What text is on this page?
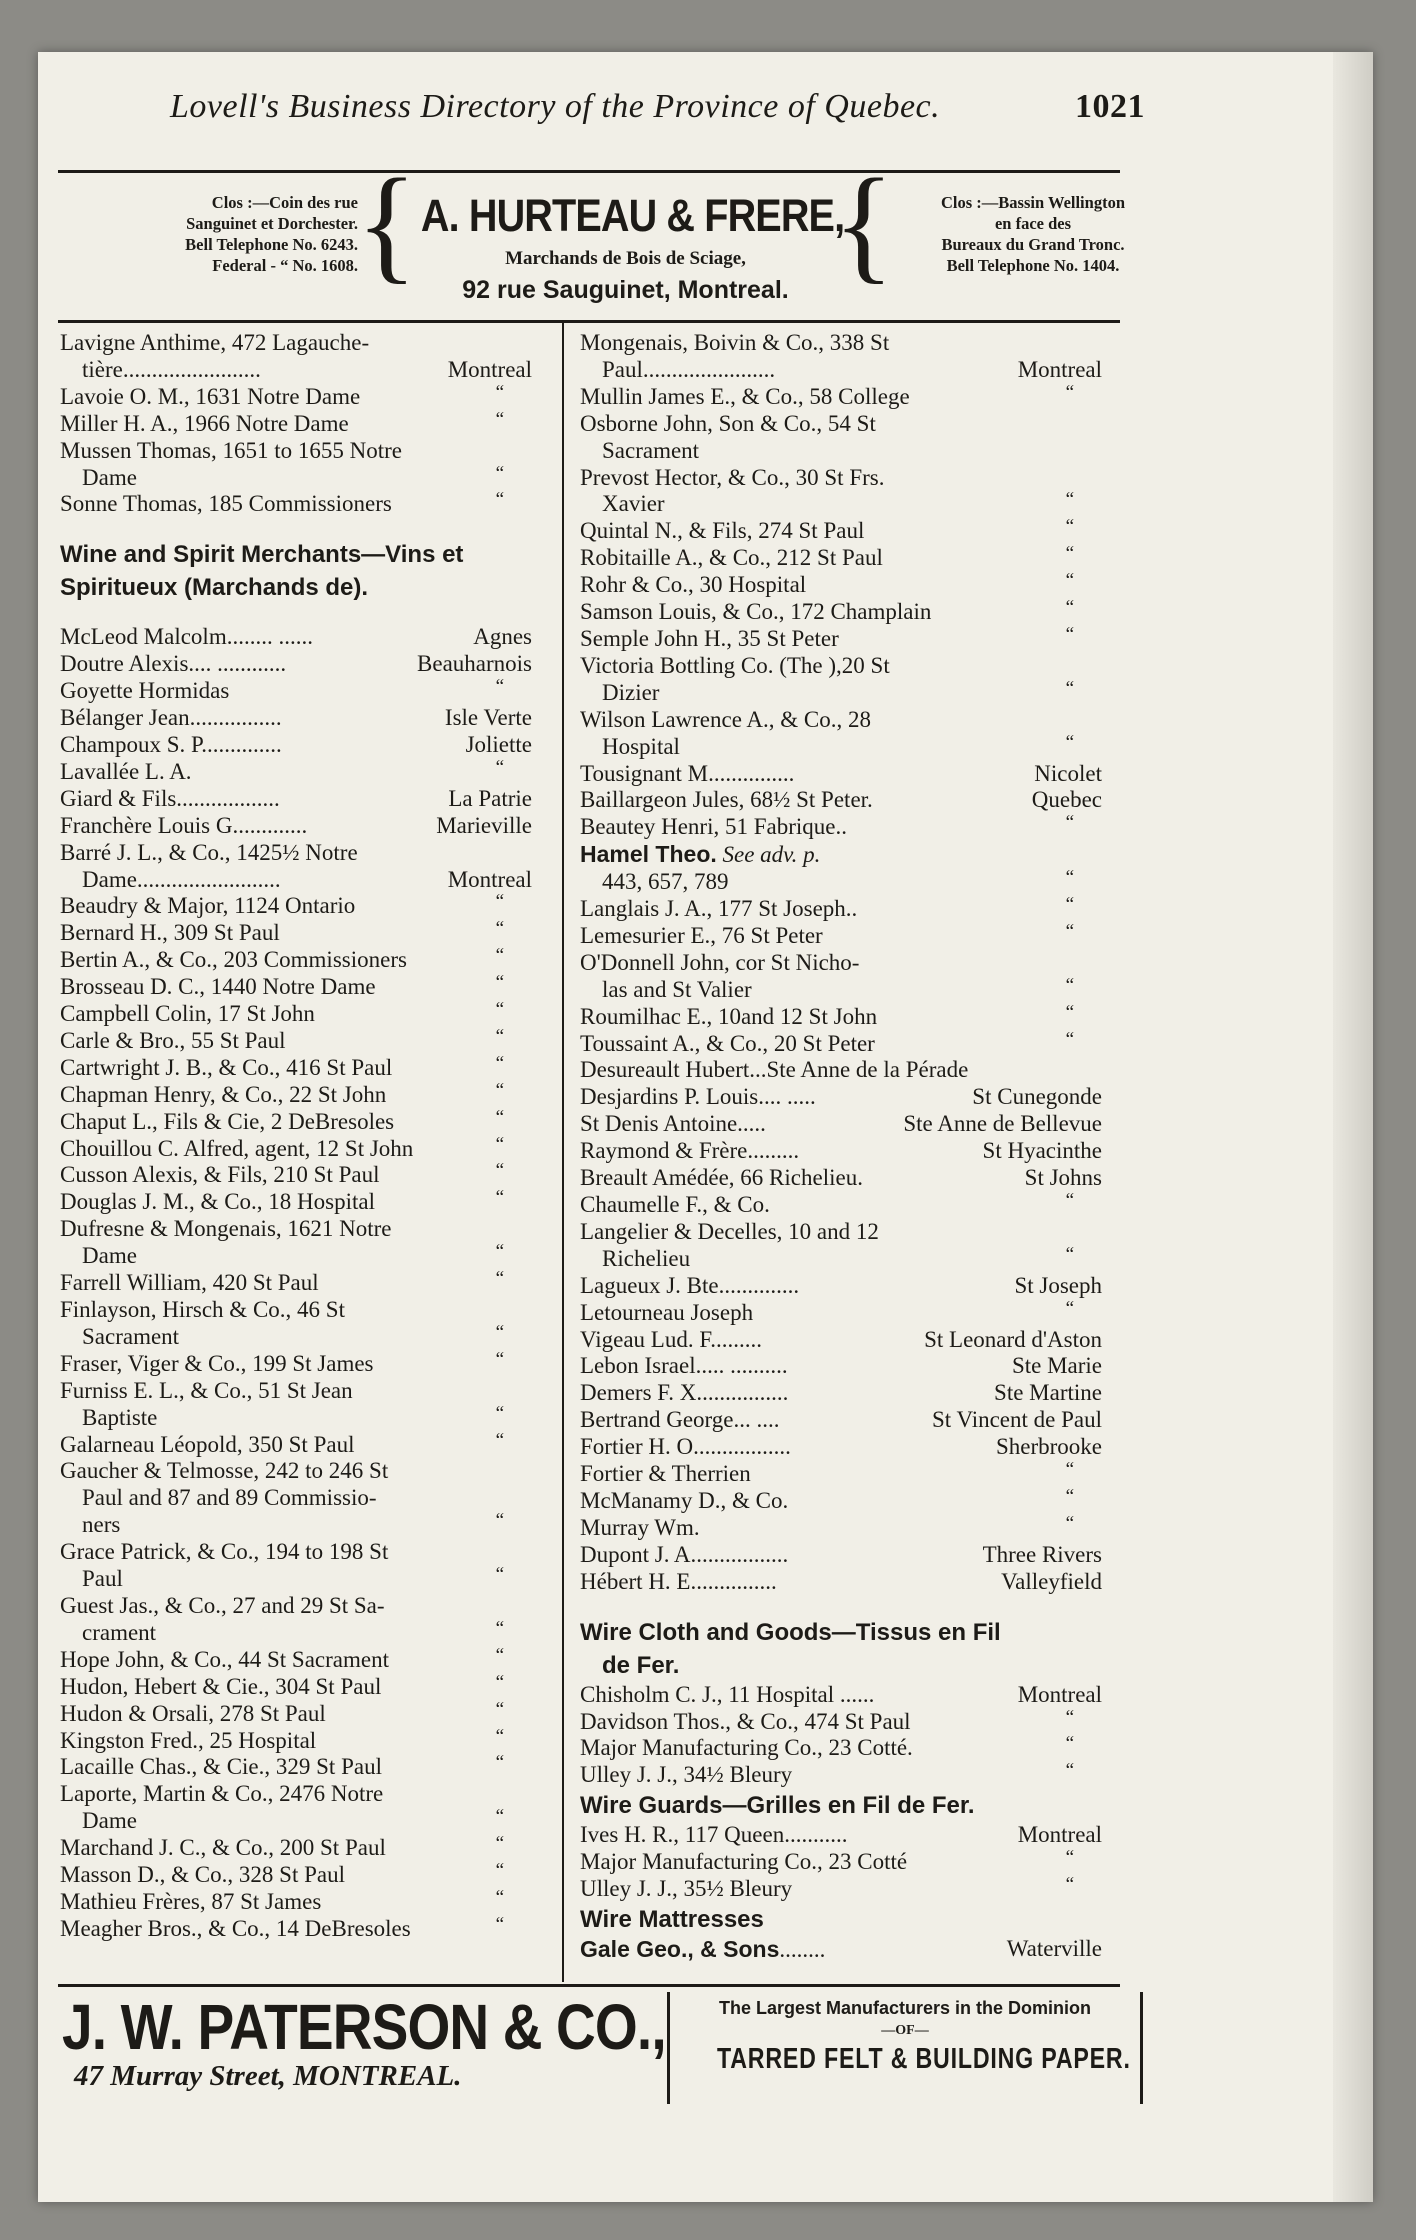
Lovell's Business Directory of the Province of Quebec.	1021
Clos :—Coin des rue
Sanguinet et Dorchester.
Bell Telephone No. 6243.
Federal - “ No. 1608.
{ A. HURTEAU & FRERE,
Marchands de Bois de Sciage,
92 rue Sauguinet, Montreal. {	Clos :—Bassin Wellington
en face des
Bureaux du Grand Tronc.
Bell Telephone No. 1404.
Lavigne Anthime, 472 Lagauche-
tière........................	Montreal
Lavoie O. M., 1631 Notre Dame	“
Miller H. A., 1966 Notre Dame	“
Mussen Thomas, 1651 to 1655 Notre
Dame	“
Sonne Thomas, 185 Commissioners	“
Wine and Spirit Merchants—Vins et
Spiritueux (Marchands de).
McLeod Malcolm........ ......	Agnes
Doutre Alexis.... ............	Beauharnois
Goyette Hormidas	“
Bélanger Jean................	Isle Verte
Champoux S. P..............	Joliette
Lavallée L. A.	“
Giard & Fils..................	La Patrie
Franchère Louis G.............	Marieville
Barré J. L., & Co., 1425½ Notre
Dame.........................	Montreal
Beaudry & Major, 1124 Ontario	“
Bernard H., 309 St Paul	“
Bertin A., & Co., 203 Commissioners	“
Brosseau D. C., 1440 Notre Dame	“
Campbell Colin, 17 St John	“
Carle & Bro., 55 St Paul	“
Cartwright J. B., & Co., 416 St Paul	“
Chapman Henry, & Co., 22 St John	“
Chaput L., Fils & Cie, 2 DeBresoles	“
Chouillou C. Alfred, agent, 12 St John	“
Cusson Alexis, & Fils, 210 St Paul	“
Douglas J. M., & Co., 18 Hospital	“
Dufresne & Mongenais, 1621 Notre
Dame	“
Farrell William, 420 St Paul	“
Finlayson, Hirsch & Co., 46 St
Sacrament	“
Fraser, Viger & Co., 199 St James	“
Furniss E. L., & Co., 51 St Jean
Baptiste	“
Galarneau Léopold, 350 St Paul	“
Gaucher & Telmosse, 242 to 246 St
Paul and 87 and 89 Commissio-
ners	“
Grace Patrick, & Co., 194 to 198 St
Paul	“
Guest Jas., & Co., 27 and 29 St Sa-
crament	“
Hope John, & Co., 44 St Sacrament	“
Hudon, Hebert & Cie., 304 St Paul	“
Hudon & Orsali, 278 St Paul	“
Kingston Fred., 25 Hospital	“
Lacaille Chas., & Cie., 329 St Paul	“
Laporte, Martin & Co., 2476 Notre
Dame	“
Marchand J. C., & Co., 200 St Paul	“
Masson D., & Co., 328 St Paul	“
Mathieu Frères, 87 St James	“
Meagher Bros., & Co., 14 DeBresoles	“
Mongenais, Boivin & Co., 338 St
Paul.......................	Montreal
Mullin James E., & Co., 58 College	“
Osborne John, Son & Co., 54 St
Sacrament
Prevost Hector, & Co., 30 St Frs.
Xavier	“
Quintal N., & Fils, 274 St Paul	“
Robitaille A., & Co., 212 St Paul	“
Rohr & Co., 30 Hospital	“
Samson Louis, & Co., 172 Champlain	“
Semple John H., 35 St Peter	“
Victoria Bottling Co. (The ),20 St
Dizier	“
Wilson Lawrence A., & Co., 28
Hospital	“
Tousignant M...............	Nicolet
Baillargeon Jules, 68½ St Peter.	Quebec
Beautey Henri, 51 Fabrique..	“
Hamel Theo. See adv. p.
443, 657, 789	“
Langlais J. A., 177 St Joseph..	“
Lemesurier E., 76 St Peter	“
O'Donnell John, cor St Nicho-
las and St Valier	“
Roumilhac E., 10and 12 St John	“
Toussaint A., & Co., 20 St Peter	“
Desureault Hubert...Ste Anne de la Pérade
Desjardins P. Louis.... .....	St Cunegonde
St Denis Antoine.....	Ste Anne de Bellevue
Raymond & Frère.........	St Hyacinthe
Breault Amédée, 66 Richelieu.	St Johns
Chaumelle F., & Co.	“
Langelier & Decelles, 10 and 12
Richelieu	“
Lagueux J. Bte..............	St Joseph
Letourneau Joseph	“
Vigeau Lud. F.........	St Leonard d'Aston
Lebon Israel..... ..........	Ste Marie
Demers F. X................	Ste Martine
Bertrand George... ....	St Vincent de Paul
Fortier H. O.................	Sherbrooke
Fortier & Therrien	“
McManamy D., & Co.	“
Murray Wm.	“
Dupont J. A.................	Three Rivers
Hébert H. E...............	Valleyfield
Wire Cloth and Goods—Tissus en Fil
de Fer.
Chisholm C. J., 11 Hospital ......	Montreal
Davidson Thos., & Co., 474 St Paul	“
Major Manufacturing Co., 23 Cotté.	“
Ulley J. J., 34½ Bleury	“
Wire Guards—Grilles en Fil de Fer.
Ives H. R., 117 Queen...........	Montreal
Major Manufacturing Co., 23 Cotté	“
Ulley J. J., 35½ Bleury	“
Wire Mattresses
Gale Geo., & Sons........	Waterville
J. W. PATERSON & CO.,
47 Murray Street, MONTREAL.
The Largest Manufacturers in the Dominion
—OF—
TARRED FELT & BUILDING PAPER.
